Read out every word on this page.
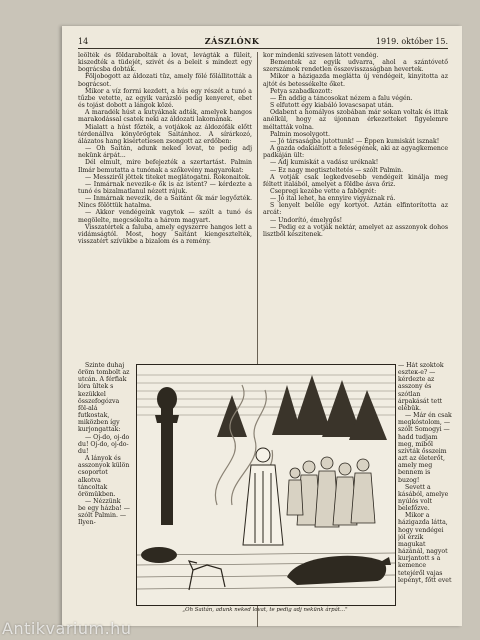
14	ZÁSZLÓNK	1919. október 15.

leölték és földarabolták a lovat, levágták a füleit, kiszedték a tüdejét, szivét és a beleit s mindezt egy bográcsba dobták.

Följobogott az áldozati tüz, amely fölé fölállitották a bográcsot.

Mikor a víz forrni kezdett, a hús egy részét a tunó a tűzbe vetette, az egyik varázsló pedig kenyeret, ebet és tojást dobott a lángok közé.

A maradék húst a kutyáknak adták, amelyek hangos marakodással csatek neki az áldozati lakomának.

Mialatt a húst főzték, a votjákok az áldozófák előtt térdenállva könyörögtek Saitánhoz. A sírárkozó, álázatos hang kisértetiesen zsongott az erdőben:

— Oh Saitán, adunk neked lovat, te pedig adj nekünk árpát...

Dél elmult, mire befejezték a szertartást. Palmin Ilmár bemutatta a tunónak a szőkevény magyarokat:

— Messziről jöttek titeket meglátogatni. Rokonaitok.

— Inmárnak nevezik-e ők is az istent? — kérdezte a tunó és bizalmatlanul nézett rájuk.

— Inmárnak nevezik, de a Saitánt ők már legyőzték. Nincs fölöttük hatalma.

— Akkor vendégeink vagytok — szólt a tunó és megölelte, megcsókolta a három magyart.

Visszatértek a faluba, amely egyszerre hangos lett a vidámságtól. Most, hogy Saitánt kiengesztelték, visszatért szívükbe a bizalom és a remény.

kor mindenki szivesen látott vendég.

Bementek az egyik udvarra, ahol a szántóvető szerszámok rendetlen összevisszaságban hevertek.

Mikor a házigazda meglátta új vendégeit, kinyitotta az ajtót és betessékelte őket.

Petya szabadkozott:

— Én addig a táncosokat nézem a falu végén.

S elfutott egy kiabáló lovascsapat után.

Odabent a homályos szobában már sokan voltak és ittak anélkül, hogy az újonnan érkezetteket figyelemre méltatták volna.

Palmin mosolygott.

— Jó társaságba jutottunk! — Éppen kumiskát isznak!

A gazda odakiáltott a feleségének, aki az agyagkemence padkáján ült:

— Adj kumiskát a vadász uréknak!

— Ez nagy megtiszteltetés — szólt Palmin.

A votják csak legkedvesebb vendégeit kinálja meg féltett italából, amelyet a földbe ásva őriz.

Csepregi kezébe vette a fabögrét:

— Jó ital lehet, ha ennyire vigyáznak rá.

S lenyelt belőle egy kortyot. Aztán elfintorította az arcát:

— Undorító, émelygős!

— Pedig ez a votják nektár, amelyet az asszonyok dohos lisztből készitenek.

Szinte duhaj öröm tombolt az utcán. A férfiak lóra ültek s kezükkel összefogózva föl-alá futkostak, miközben így kurjongattak:

— Oj-do, oj-do du! Oj-do, oj-do-du!

A lányok és asszonyok külön csoportot alkotva táncoltak örömükben.

— Nézzünk be egy házba! — szólt Palmin. — Ilyen-

„Oh Saitán, adunk neked lovat, te pedig adj nekünk árpát..."

— Hát szoktok eszteк-e? — kérdezte az asszony és szótlan árpakását tett elébük.

— Már én csak megkóstolom, — szólt Somogyi — hadd tudjam meg, miből szívták ősszeim azt az életerőt, amely meg bennem is buzog!

Sevett a kásából, amelye nyúlós volt belefőzve.

Mikor a házigazda látta, hogy vendégei jól érzik magukat házánál, nagyot kurjantott s a kemence tetejéről vajas lepényt, főtt evet

Antikvarium.hu
